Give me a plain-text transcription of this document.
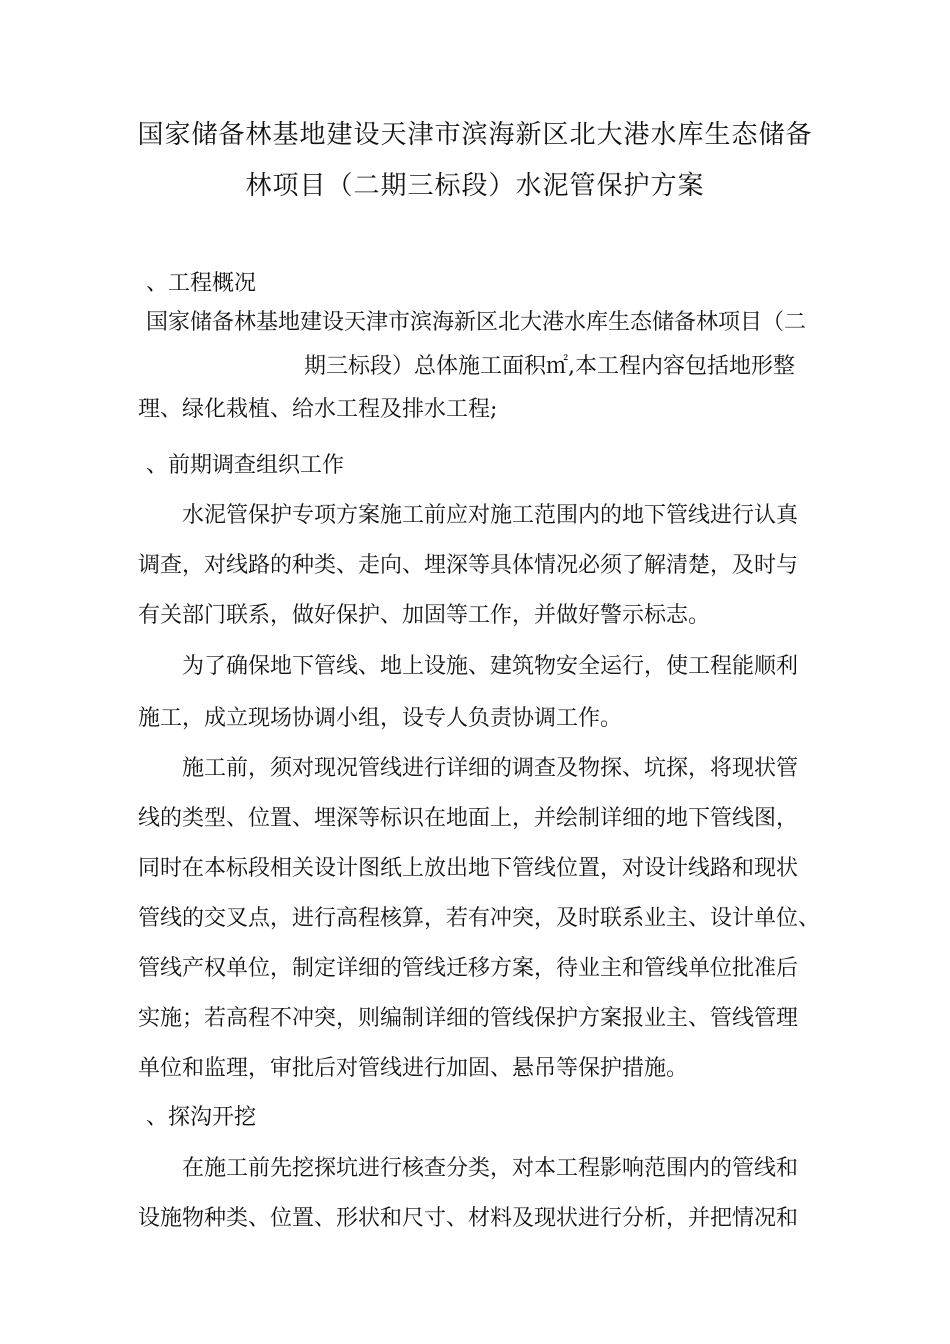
国家储备林基地建设天津市滨海新区北大港水库生态储备
林项目（二期三标段）水泥管保护方案
、工程概况
国家储备林基地建设天津市滨海新区北大港水库生态储备林项目（二
期三标段）总体施工面积㎡,本工程内容包括地形整
理、绿化栽植、给水工程及排水工程;
、前期调查组织工作
水泥管保护专项方案施工前应对施工范围内的地下管线进行认真
调查，对线路的种类、走向、埋深等具体情况必须了解清楚，及时与
有关部门联系，做好保护、加固等工作，并做好警示标志。
为了确保地下管线、地上设施、建筑物安全运行，使工程能顺利
施工，成立现场协调小组，设专人负责协调工作。
施工前，须对现况管线进行详细的调查及物探、坑探，将现状管
线的类型、位置、埋深等标识在地面上，并绘制详细的地下管线图，
同时在本标段相关设计图纸上放出地下管线位置，对设计线路和现状
管线的交叉点，进行高程核算，若有冲突，及时联系业主、设计单位、
管线产权单位，制定详细的管线迁移方案，待业主和管线单位批准后
实施；若高程不冲突，则编制详细的管线保护方案报业主、管线管理
单位和监理，审批后对管线进行加固、悬吊等保护措施。
、探沟开挖
在施工前先挖探坑进行核查分类，对本工程影响范围内的管线和
设施物种类、位置、形状和尺寸、材料及现状进行分析，并把情况和
